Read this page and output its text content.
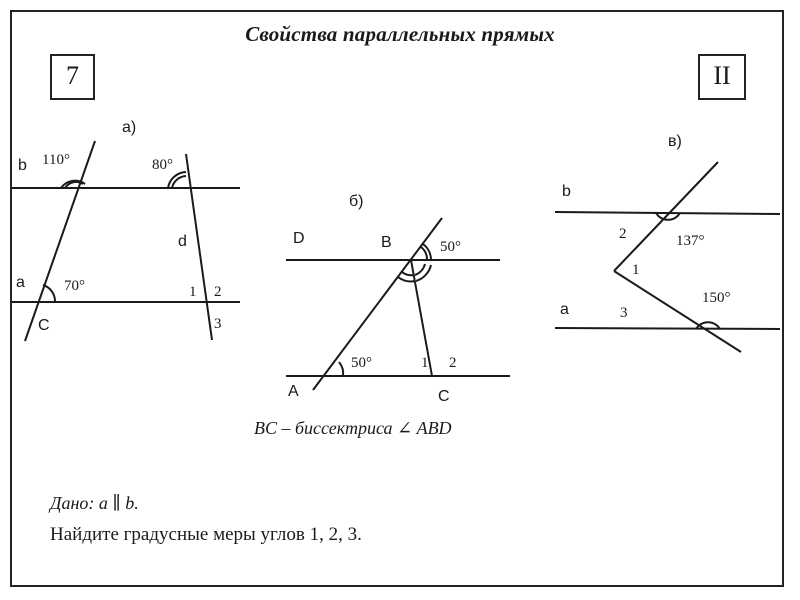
Свойства параллельных прямых
7	II
а)
b
a
d
C
110°	80°
70°	1 2
3
б)
D	B
A	C
50°
50°	1 2
BC – биссектриса ∠ ABD
в)
b
a
137°
150°
1
2
3
Дано: a ∥ b.
Найдите градусные меры углов 1, 2, 3.
